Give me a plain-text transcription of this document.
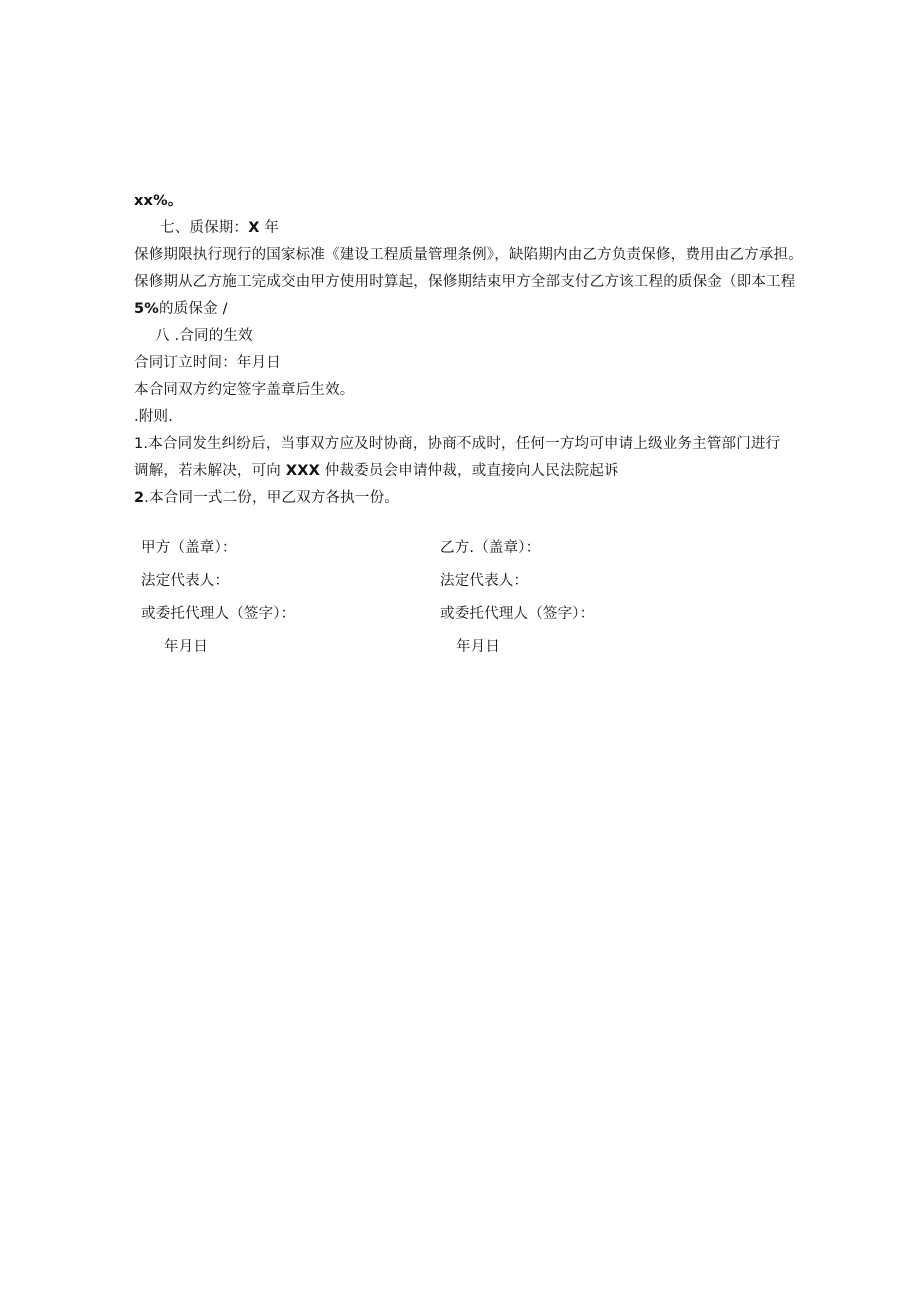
xx%。
七、质保期：X 年
保修期限执行现行的国家标准《建设工程质量管理条例》，缺陷期内由乙方负责保修，费用由乙方承担。
保修期从乙方施工完成交由甲方使用时算起，保修期结束甲方全部支付乙方该工程的质保金（即本工程
5%的质保金 /
八 .合同的生效
合同订立时间：年月日
本合同双方约定签字盖章后生效。
.附则.
1.本合同发生纠纷后，当事双方应及时协商，协商不成时，任何一方均可申请上级业务主管部门进行
调解，若未解决，可向 XXX 仲裁委员会申请仲裁，或直接向人民法院起诉
2.本合同一式二份，甲乙双方各执一份。
甲方（盖章）：
法定代表人：
或委托代理人（签字）：
年月日
乙方.（盖章）：
法定代表人：
或委托代理人（签字）：
年月日
